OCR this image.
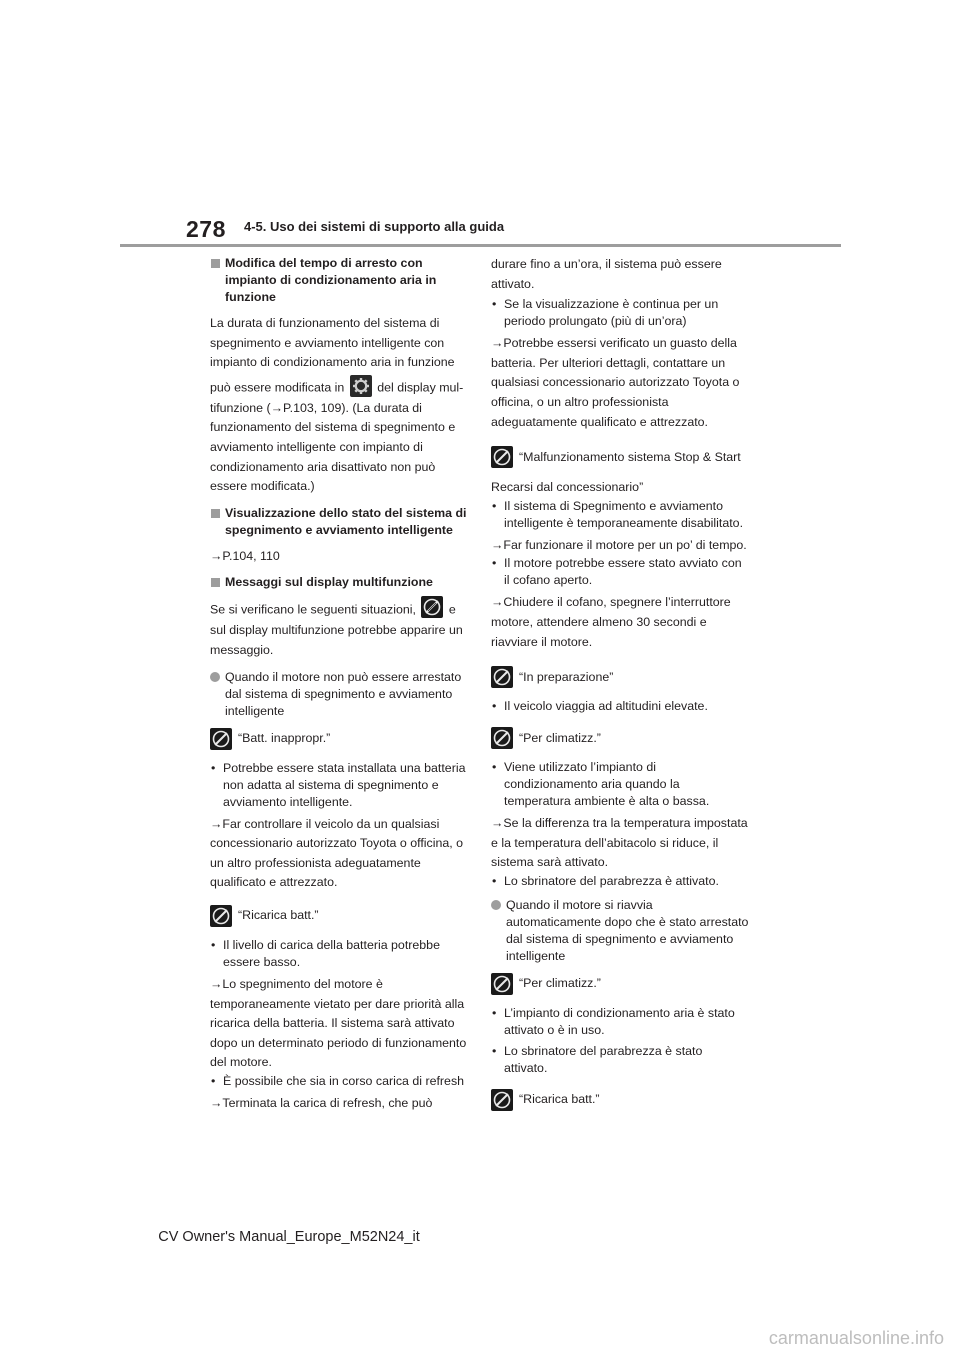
278 4-5. Uso dei sistemi di supporto alla guida
Modifica del tempo di arresto con impianto di condizionamento aria in funzione

La durata di funzionamento del sistema di spegnimento e avviamento intelligente con impianto di condizionamento aria in funzione

può essere modificata in	del display mul-

tifunzione (→P.103, 109). (La durata di funzionamento del sistema di spegnimento e avviamento intelligente con impianto di condizionamento aria disattivato non può essere modificata.)

Visualizzazione dello stato del sistema di spegnimento e avviamento intelligente

→P.104, 110

Messaggi sul display multifunzione

Se si verificano le seguenti situazioni,	e

sul display multifunzione potrebbe apparire un messaggio.

Quando il motore non può essere arrestato dal sistema di spegnimento e avviamento intelligente
“Batt. inappropr.”
• Potrebbe essere stata installata una batteria non adatta al sistema di spegnimento e avviamento intelligente.

→Far controllare il veicolo da un qualsiasi concessionario autorizzato Toyota o officina, o un altro professionista adeguatamente qualificato e attrezzato.

“Ricarica batt.”
• Il livello di carica della batteria potrebbe essere basso.

→Lo spegnimento del motore è temporaneamente vietato per dare priorità alla ricarica della batteria. Il sistema sarà attivato dopo un determinato periodo di funzionamento del motore.

• È possibile che sia in corso carica di refresh

→Terminata la carica di refresh, che può

durare fino a un’ora, il sistema può essere attivato.

• Se la visualizzazione è continua per un periodo prolungato (più di un’ora)

→Potrebbe essersi verificato un guasto della batteria. Per ulteriori dettagli, contattare un qualsiasi concessionario autorizzato Toyota o officina, o un altro professionista adeguatamente qualificato e attrezzato.

“Malfunzionamento sistema Stop & Start

Recarsi dal concessionario”

• Il sistema di Spegnimento e avviamento intelligente è temporaneamente disabilitato.

→Far funzionare il motore per un po’ di tempo.

• Il motore potrebbe essere stato avviato con il cofano aperto.

→Chiudere il cofano, spegnere l’interruttore motore, attendere almeno 30 secondi e riavviare il motore.

“In preparazione”
• Il veicolo viaggia ad altitudini elevate.
“Per climatizz.”
• Viene utilizzato l’impianto di condizionamento aria quando la temperatura ambiente è alta o bassa.

→Se la differenza tra la temperatura impostata e la temperatura dell’abitacolo si riduce, il sistema sarà attivato.

• Lo sbrinatore del parabrezza è attivato.
Quando il motore si riavvia automaticamente dopo che è stato arrestato dal sistema di spegnimento e avviamento intelligente
“Per climatizz.”
• L’impianto di condizionamento aria è stato attivato o è in uso.
• Lo sbrinatore del parabrezza è stato attivato.
“Ricarica batt.”
CV Owner's Manual_Europe_M52N24_it
carmanualsonline.info
